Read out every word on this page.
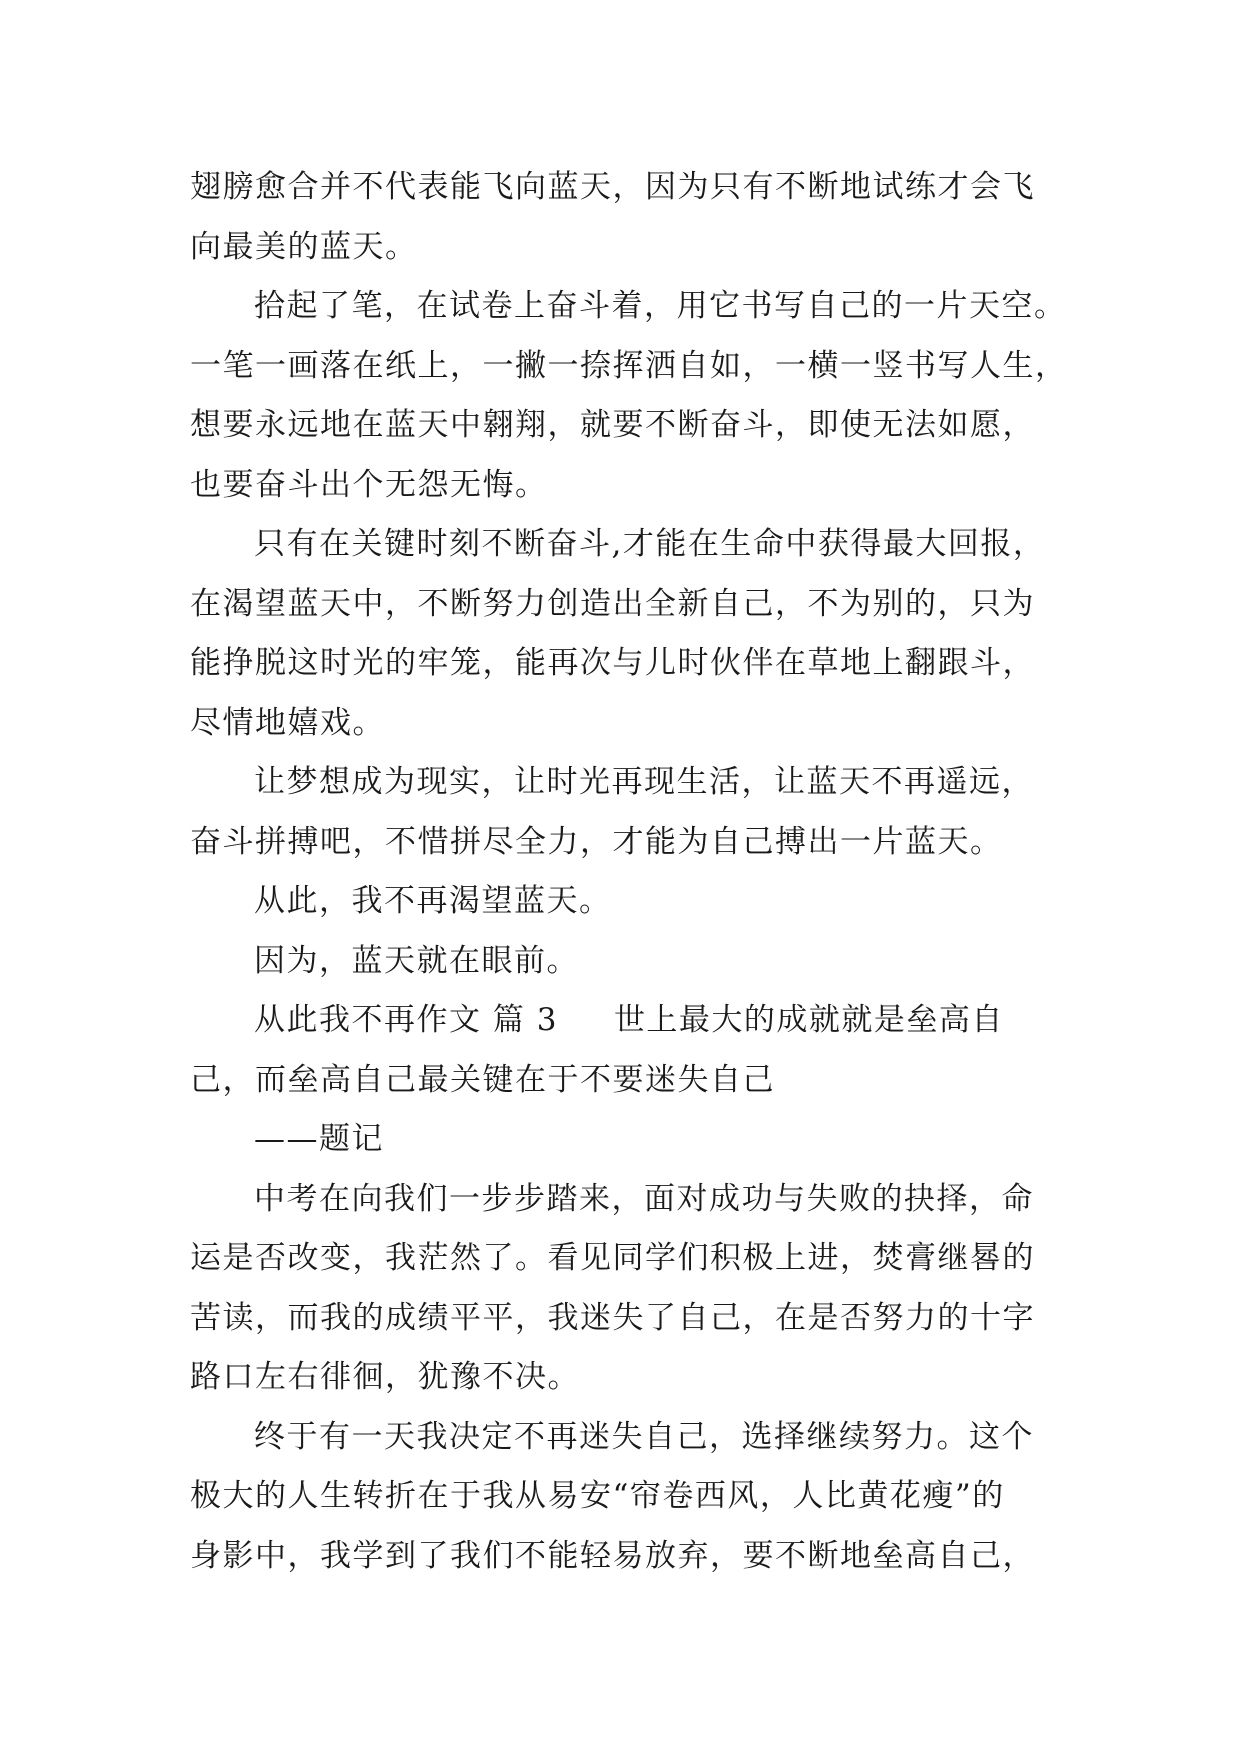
翅膀愈合并不代表能飞向蓝天，因为只有不断地试练才会飞
向最美的蓝天。
拾起了笔，在试卷上奋斗着，用它书写自己的一片天空。
一笔一画落在纸上，一撇一捺挥洒自如，一横一竖书写人生，
想要永远地在蓝天中翱翔，就要不断奋斗，即使无法如愿，
也要奋斗出个无怨无悔。
只有在关键时刻不断奋斗,才能在生命中获得最大回报，
在渴望蓝天中，不断努力创造出全新自己，不为别的，只为
能挣脱这时光的牢笼，能再次与儿时伙伴在草地上翻跟斗，
尽情地嬉戏。
让梦想成为现实，让时光再现生活，让蓝天不再遥远，
奋斗拼搏吧，不惜拼尽全力，才能为自己搏出一片蓝天。
从此，我不再渴望蓝天。
因为，蓝天就在眼前。
从此我不再作文 篇 3 世上最大的成就就是垒高自
己，而垒高自己最关键在于不要迷失自己
——题记
中考在向我们一步步踏来，面对成功与失败的抉择，命
运是否改变，我茫然了。看见同学们积极上进，焚膏继晷的
苦读，而我的成绩平平，我迷失了自己，在是否努力的十字
路口左右徘徊，犹豫不决。
终于有一天我决定不再迷失自己，选择继续努力。这个
极大的人生转折在于我从易安“帘卷西风，人比黄花瘦”的
身影中，我学到了我们不能轻易放弃，要不断地垒高自己，
